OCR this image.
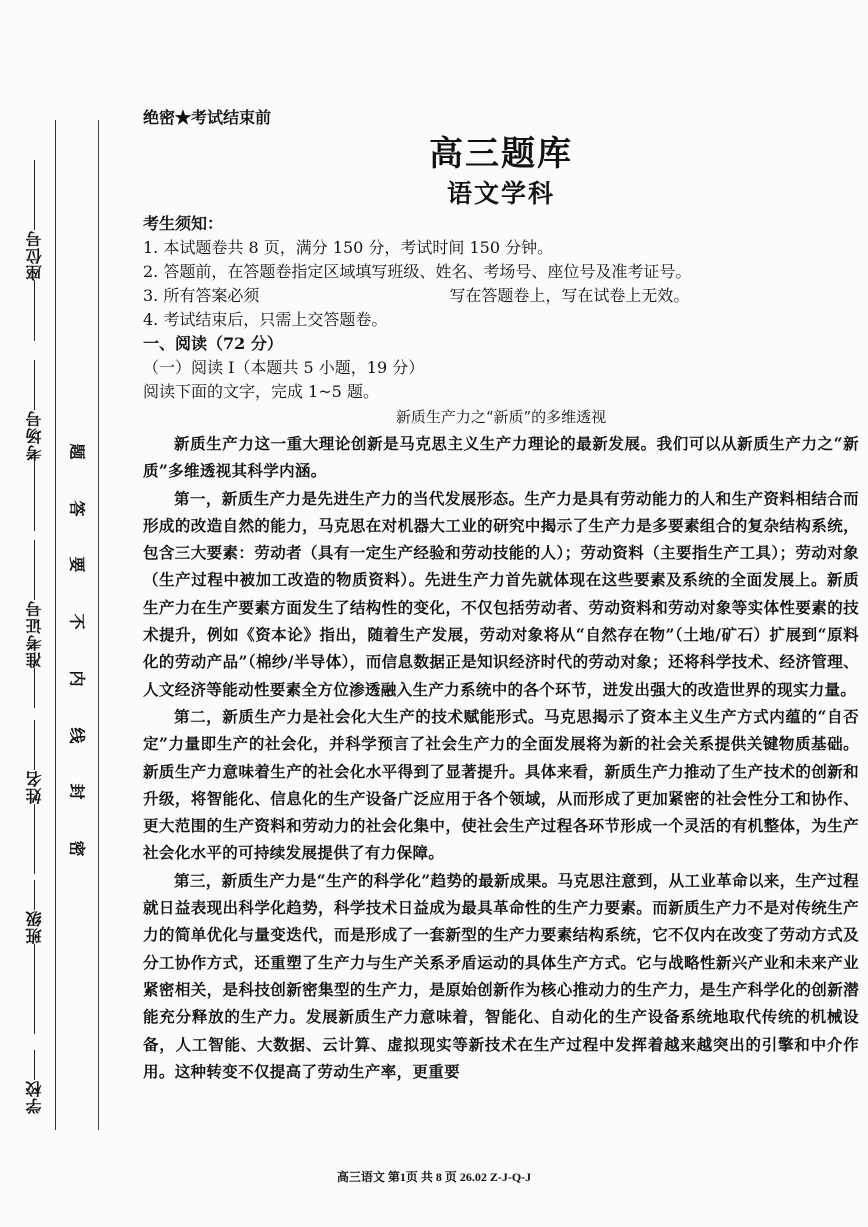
座位号
考场号
准考证号
姓名
班级
学校
题
答
要
不
内
线
封
密

绝密★考试结束前

高三题库

语文学科

考生须知：

1. 本试题卷共 8 页，满分 150 分，考试时间 150 分钟。

2. 答题前，在答题卷指定区域填写班级、姓名、考场号、座位号及准考证号。

3. 所有答案必须	写在答题卷上，写在试卷上无效。

4. 考试结束后，只需上交答题卷。

一、阅读（72 分）

（一）阅读 I（本题共 5 小题，19 分）

阅读下面的文字，完成 1~5 题。

新质生产力之“新质”的多维透视

新质生产力这一重大理论创新是马克思主义生产力理论的最新发展。我们可以从新质生产力之“新质”多维透视其科学内涵。

第一，新质生产力是先进生产力的当代发展形态。生产力是具有劳动能力的人和生产资料相结合而形成的改造自然的能力，马克思在对机器大工业的研究中揭示了生产力是多要素组合的复杂结构系统，包含三大要素：劳动者（具有一定生产经验和劳动技能的人）；劳动资料（主要指生产工具）；劳动对象（生产过程中被加工改造的物质资料）。先进生产力首先就体现在这些要素及系统的全面发展上。新质生产力在生产要素方面发生了结构性的变化，不仅包括劳动者、劳动资料和劳动对象等实体性要素的技术提升，例如《资本论》指出，随着生产发展，劳动对象将从“自然存在物”（土地/矿石）扩展到“原料化的劳动产品”（棉纱/半导体），而信息数据正是知识经济时代的劳动对象；还将科学技术、经济管理、人文经济等能动性要素全方位渗透融入生产力系统中的各个环节，迸发出强大的改造世界的现实力量。

第二，新质生产力是社会化大生产的技术赋能形式。马克思揭示了资本主义生产方式内蕴的“自否定”力量即生产的社会化，并科学预言了社会生产力的全面发展将为新的社会关系提供关键物质基础。新质生产力意味着生产的社会化水平得到了显著提升。具体来看，新质生产力推动了生产技术的创新和升级，将智能化、信息化的生产设备广泛应用于各个领域，从而形成了更加紧密的社会性分工和协作、更大范围的生产资料和劳动力的社会化集中，使社会生产过程各环节形成一个灵活的有机整体，为生产社会化水平的可持续发展提供了有力保障。

第三，新质生产力是“生产的科学化”趋势的最新成果。马克思注意到，从工业革命以来，生产过程就日益表现出科学化趋势，科学技术日益成为最具革命性的生产力要素。而新质生产力不是对传统生产力的简单优化与量变迭代，而是形成了一套新型的生产力要素结构系统，它不仅内在改变了劳动方式及分工协作方式，还重塑了生产力与生产关系矛盾运动的具体生产方式。它与战略性新兴产业和未来产业紧密相关，是科技创新密集型的生产力，是原始创新作为核心推动力的生产力，是生产科学化的创新潜能充分释放的生产力。发展新质生产力意味着，智能化、自动化的生产设备系统地取代传统的机械设备，人工智能、大数据、云计算、虚拟现实等新技术在生产过程中发挥着越来越突出的引擎和中介作用。这种转变不仅提高了劳动生产率，更重要

高三语文 第1页 共 8 页 26.02 Z-J-Q-J
